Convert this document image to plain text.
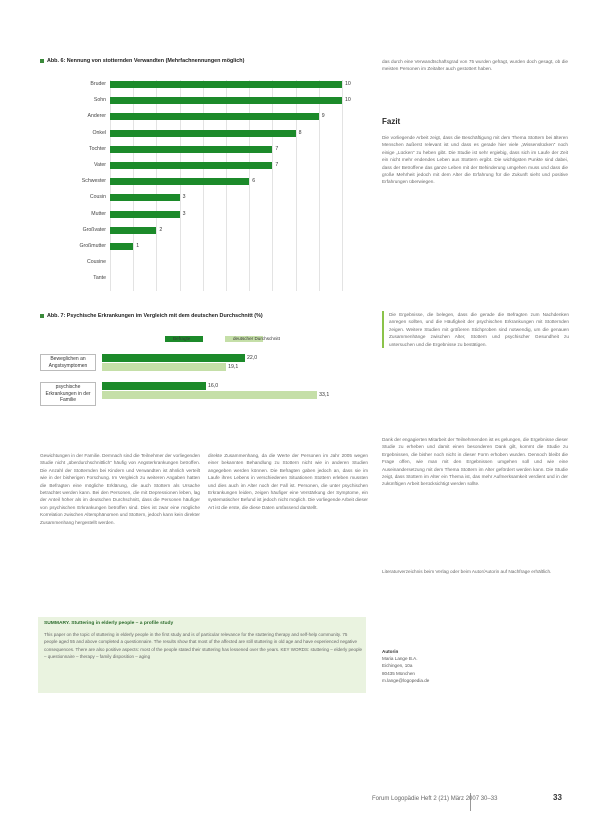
Abb. 6: Nennung von stotternden Verwandten (Mehrfachnennungen möglich)
Bruder	10
Sohn	10
Anderer	9
Onkel	8
Tochter	7
Vater	7
Schwester	6
Cousin	3
Mutter	3
Großvater	2
Großmutter	1
Cousine
Tante
Abb. 7: Psychische Erkrankungen im Vergleich mit dem deutschen Durchschnitt (%)
Befragte	deutscher Durchschnitt
Beweglichen an Angstsymptomen
22,0
19,1
psychische Erkrankungen in der Familie
16,0
33,1
das durch eine Verwandtschaftsgrad von 75 wurden gefragt, wurden doch gesagt, ob die meisten Personen im Zeitalter auch gestottert haben.
Fazit
Die vorliegende Arbeit zeigt, dass die Beschäftigung mit dem Thema Stottern bei älteren Menschen äußerst relevant ist und dass es gerade hier viele „Wissenslücken“ noch einige „Lücken“ zu heben gibt. Die Studie ist sehr ergiebig, dass sich im Laufe der Zeit ein nicht mehr endendes Leben aus Stottern ergibt. Die wichtigsten Punkte sind dabei, dass der Betroffene das ganze Leben mit der Behinderung umgehen muss und dass die große Mehrheit jedoch mit dem Alter die Erfahrung für die Zukunft sieht und positive Erfahrungen überwiegen.
Die Ergebnisse, die belegen, dass die gerade die Befragten zum Nachdenken anregen sollten, und die Häufigkeit der psychischen Erkrankungen mit Stotternden zeigen. Weitere Studien mit größeren Stichproben sind notwendig, um die genauen Zusammenhänge zwischen Alter, Stottern und psychischer Gesundheit zu untersuchen und die Ergebnisse zu bestätigen.
Dank der engagierten Mitarbeit der Teilnehmenden ist es gelungen, die Ergebnisse dieser Studie zu erheben und damit einen besonderen Dank gilt, kommt die Studie zu Ergebnissen, die bisher noch nicht in dieser Form erhoben wurden. Dennoch bleibt die Frage offen, wie man mit den Ergebnissen umgehen soll und wie eine Auseinandersetzung mit dem Thema Stottern im Alter gefördert werden kann. Die Studie zeigt, dass Stottern im Alter ein Thema ist, das mehr Aufmerksamkeit verdient und in der zukünftigen Arbeit berücksichtigt werden sollte.
Literaturverzeichnis beim Verlag oder beim Autor/Autorin auf Nachfrage erhältlich.
Gewichtungen in der Familie. Demnach sind die Teilnehmer der vorliegenden Studie nicht „überdurchschnittlich“ häufig von Angsterkrankungen betroffen. Die Anzahl der Stotternden bei Kindern und Verwandten ist ähnlich verteilt wie in der bisherigen Forschung. Im Vergleich zu weiteren Angaben hatten die Befragten eine mögliche Erklärung, die auch Stottern als Ursache betrachtet werden kann. Bei den Personen, die mit Depressionen leben, lag der Anteil höher als im deutschen Durchschnitt, dass die Personen häufiger von psychischen Erkrankungen betroffen sind. Dies ist zwar eine mögliche Korrelation zwischen Altersphänomen und Stottern, jedoch kann kein direkter Zusammenhang hergestellt werden.
direkte Zusammenhang, da die Werte der Personen im Jahr 2005 wegen einer bekannten Behandlung zu Stottern nicht wie in anderen Studien angegeben werden können. Die Befragten gaben jedoch an, dass sie im Laufe ihres Lebens in verschiedenen Situationen Stottern erleben mussten und dies auch im Alter noch der Fall ist. Personen, die unter psychischen Erkrankungen leiden, zeigen häufiger eine Verstärkung der Symptome, ein systematischer Befund ist jedoch nicht möglich. Die vorliegende Arbeit dieser Art ist die erste, die diese Daten umfassend darstellt.
SUMMARY. Stuttering in elderly people – a profile study
This paper on the topic of stuttering in elderly people in the first study and is of particular relevance for the stuttering therapy and self-help community. 75 people aged 55 and above completed a questionnaire. The results show that most of the affected are still stuttering in old age and have experienced negative consequences. There are also positive aspects: most of the people stated their stuttering has lessened over the years. KEY WORDS: stuttering – elderly people – questionnaire – therapy – family disposition – aging
Autorin
Maria Lange B.A.
Eichingen, 10a
80435 München
m.lange@logopedia.de
Forum Logopädie Heft 2 (21) März 2007 30–33	33
